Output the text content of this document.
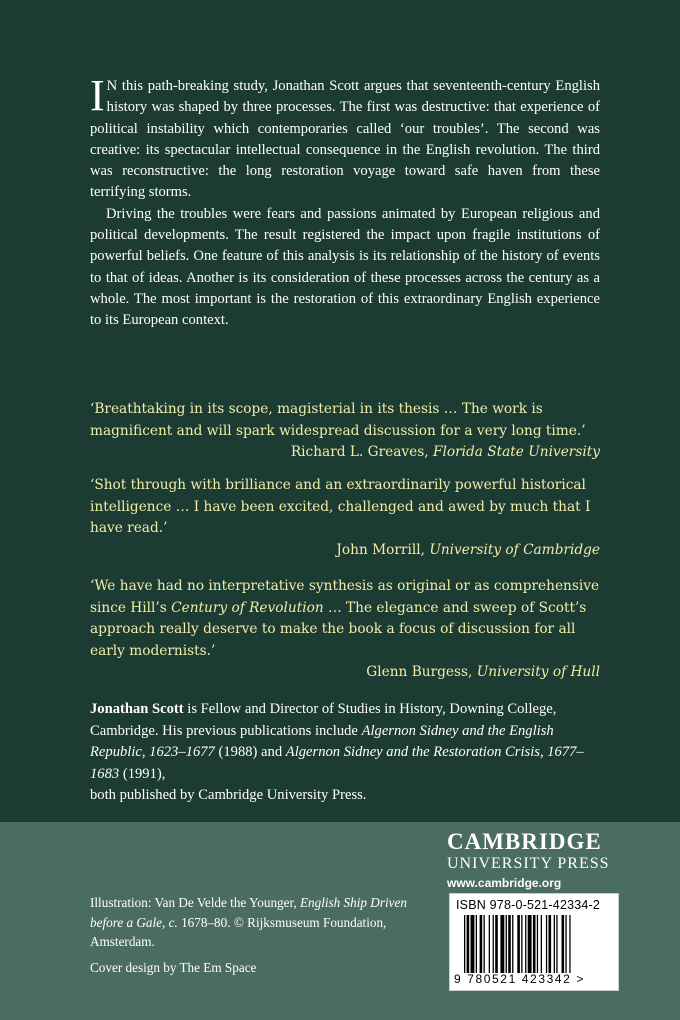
I N this path-breaking study, Jonathan Scott argues that seventeenth-century English history was shaped by three processes. The first was destructive: that experience of political instability which contemporaries called ‘our troubles’. The second was creative: its spectacular intellectual consequence in the English revolution. The third was reconstructive: the long restoration voyage toward safe haven from these terrifying storms.

Driving the troubles were fears and passions animated by European religious and political developments. The result registered the impact upon fragile institutions of powerful beliefs. One feature of this analysis is its relationship of the history of events to that of ideas. Another is its consideration of these processes across the century as a whole. The most important is the restoration of this extraordinary English experience to its European context.

‘Breathtaking in its scope, magisterial in its thesis … The work is magnificent and will spark widespread discussion for a very long time.’
Richard L. Greaves, Florida State University

‘Shot through with brilliance and an extraordinarily powerful historical intelligence … I have been excited, challenged and awed by much that I have read.’

John Morrill, University of Cambridge

‘We have had no interpretative synthesis as original or as comprehensive since Hill’s Century of Revolution … The elegance and sweep of Scott’s approach really deserve to make the book a focus of discussion for all early modernists.’

Glenn Burgess, University of Hull

Jonathan Scott is Fellow and Director of Studies in History, Downing College, Cambridge. His previous publications include Algernon Sidney and the English Republic, 1623–1677 (1988) and Algernon Sidney and the Restoration Crisis, 1677–1683 (1991),

both published by Cambridge University Press.

CAMBRIDGE
UNIVERSITY PRESS
www.cambridge.org

Illustration: Van De Velde the Younger, English Ship Driven before a Gale, c. 1678–80. © Rijksmuseum Foundation, Amsterdam.

Cover design by The Em Space
ISBN 978-0-521-42334-2
9 780521 423342 >
